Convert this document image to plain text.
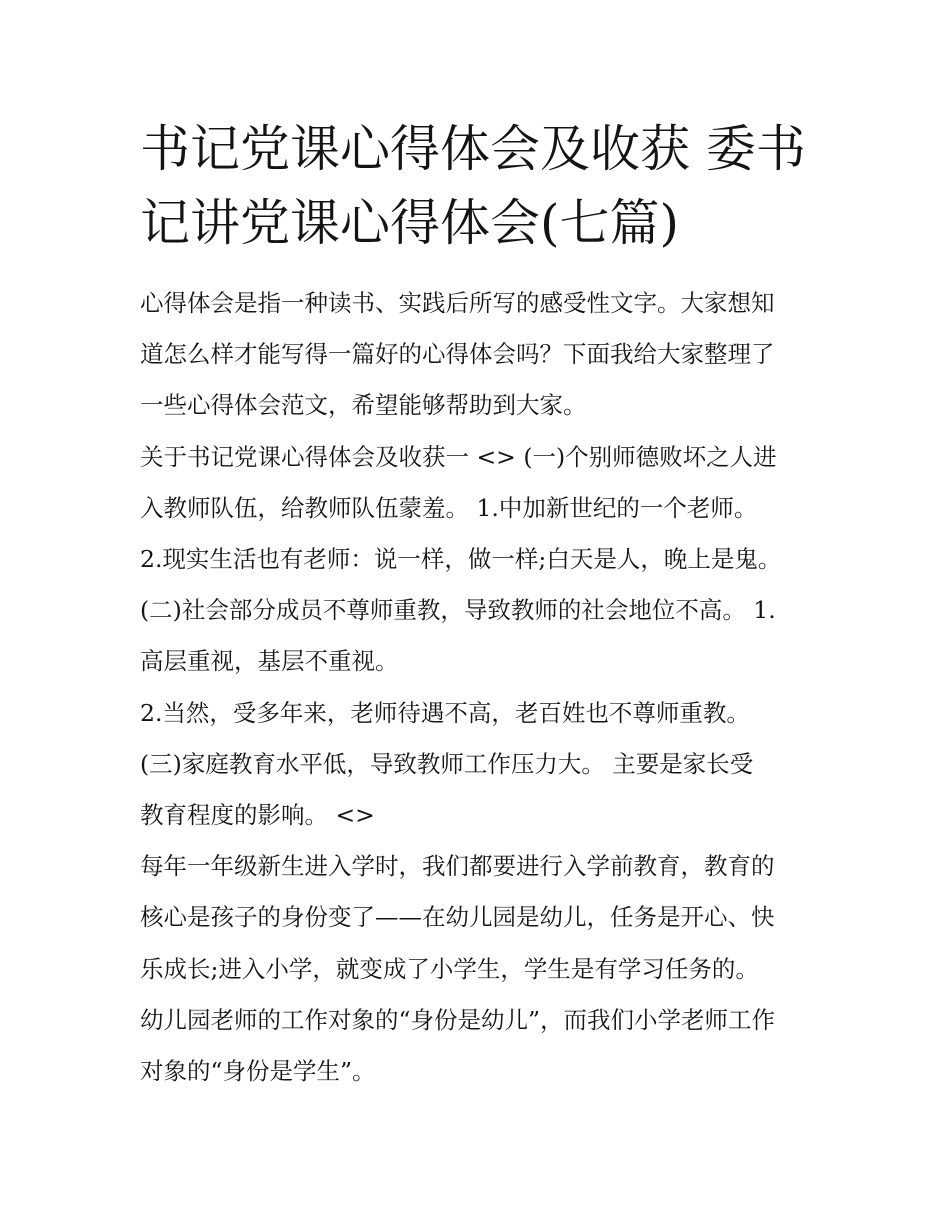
书记党课心得体会及收获 委书
记讲党课心得体会(七篇)
心得体会是指一种读书、实践后所写的感受性文字。大家想知
道怎么样才能写得一篇好的心得体会吗？下面我给大家整理了
一些心得体会范文，希望能够帮助到大家。
关于书记党课心得体会及收获一 <> (一)个别师德败坏之人进
入教师队伍，给教师队伍蒙羞。 1.中加新世纪的一个老师。
2.现实生活也有老师：说一样，做一样;白天是人，晚上是鬼。
(二)社会部分成员不尊师重教，导致教师的社会地位不高。 1.
高层重视，基层不重视。
2.当然，受多年来，老师待遇不高，老百姓也不尊师重教。
(三)家庭教育水平低，导致教师工作压力大。 主要是家长受
教育程度的影响。 <>
每年一年级新生进入学时，我们都要进行入学前教育，教育的
核心是孩子的身份变了——在幼儿园是幼儿，任务是开心、快
乐成长;进入小学，就变成了小学生，学生是有学习任务的。
幼儿园老师的工作对象的“身份是幼儿”，而我们小学老师工作
对象的“身份是学生”。
